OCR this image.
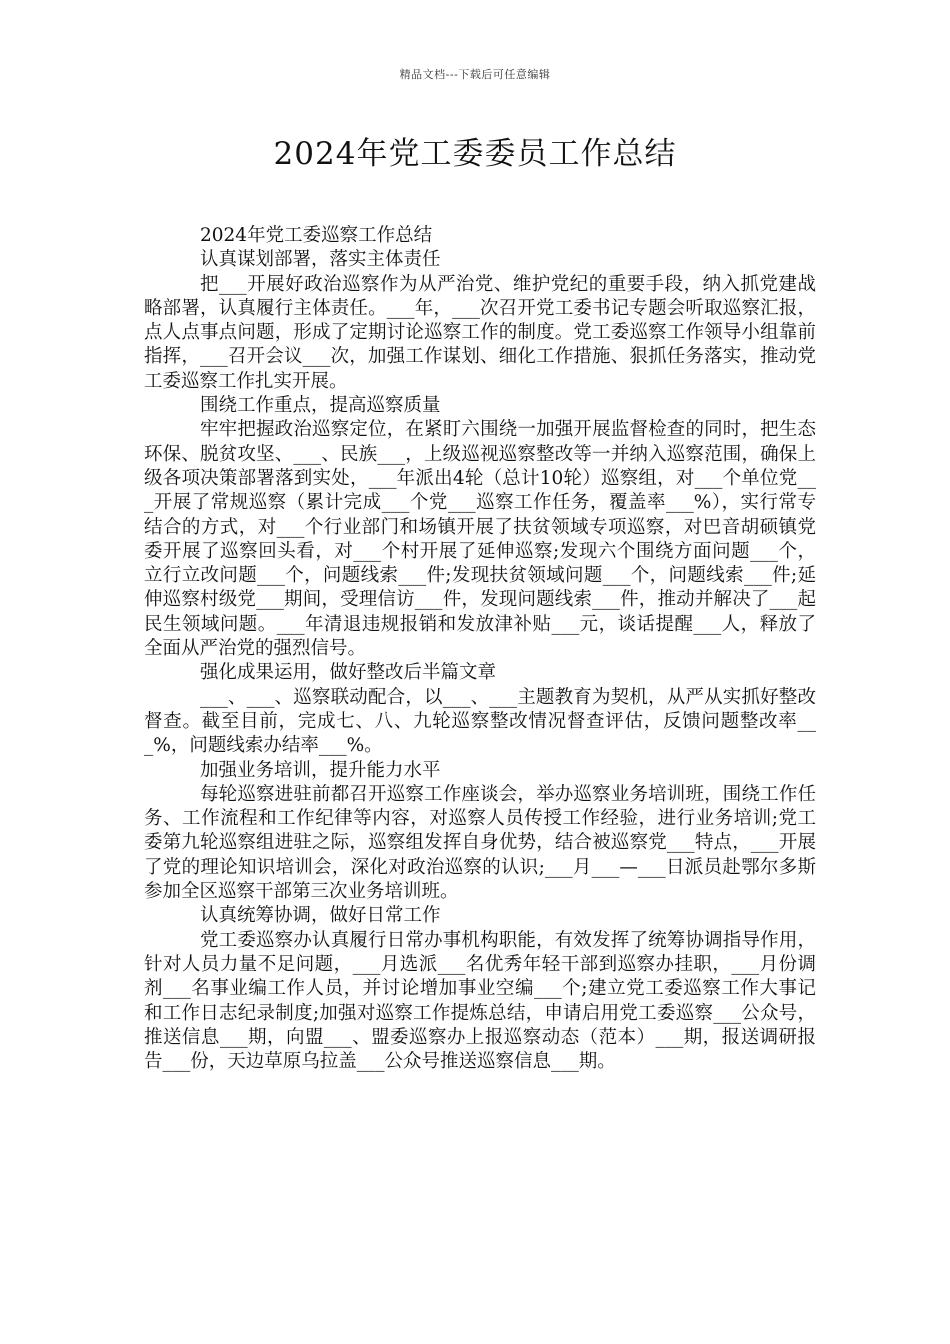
精品文档---下载后可任意编辑
2024年党工委委员工作总结

2024年党工委巡察工作总结

认真谋划部署，落实主体责任

把___开展好政治巡察作为从严治党、维护党纪的重要手段，纳入抓党建战略部署，认真履行主体责任。___年，___次召开党工委书记专题会听取巡察汇报，点人点事点问题，形成了定期讨论巡察工作的制度。党工委巡察工作领导小组靠前指挥，___召开会议___次，加强工作谋划、细化工作措施、狠抓任务落实，推动党工委巡察工作扎实开展。

围绕工作重点，提高巡察质量

牢牢把握政治巡察定位，在紧盯六围绕一加强开展监督检查的同时，把生态环保、脱贫攻坚、___、民族___，上级巡视巡察整改等一并纳入巡察范围，确保上级各项决策部署落到实处，___年派出4轮（总计10轮）巡察组，对___个单位党___开展了常规巡察（累计完成___个党___巡察工作任务，覆盖率___%），实行常专结合的方式，对___个行业部门和场镇开展了扶贫领域专项巡察，对巴音胡硕镇党委开展了巡察回头看，对___个村开展了延伸巡察;发现六个围绕方面问题___个，立行立改问题___个，问题线索___件;发现扶贫领域问题___个，问题线索___件;延伸巡察村级党___期间，受理信访___件，发现问题线索___件，推动并解决了___起民生领域问题。___年清退违规报销和发放津补贴___元，谈话提醒___人，释放了全面从严治党的强烈信号。

强化成果运用，做好整改后半篇文章

___、___、巡察联动配合，以___、___主题教育为契机，从严从实抓好整改督查。截至目前，完成七、八、九轮巡察整改情况督查评估，反馈问题整改率___%，问题线索办结率___%。

加强业务培训，提升能力水平

每轮巡察进驻前都召开巡察工作座谈会，举办巡察业务培训班，围绕工作任务、工作流程和工作纪律等内容，对巡察人员传授工作经验，进行业务培训;党工委第九轮巡察组进驻之际，巡察组发挥自身优势，结合被巡察党___特点，___开展了党的理论知识培训会，深化对政治巡察的认识;___月___—___日派员赴鄂尔多斯参加全区巡察干部第三次业务培训班。

认真统筹协调，做好日常工作

党工委巡察办认真履行日常办事机构职能，有效发挥了统筹协调指导作用，针对人员力量不足问题，___月选派___名优秀年轻干部到巡察办挂职，___月份调剂___名事业编工作人员，并讨论增加事业空编___个;建立党工委巡察工作大事记和工作日志纪录制度;加强对巡察工作提炼总结，申请启用党工委巡察___公众号，推送信息___期，向盟___、盟委巡察办上报巡察动态（范本）___期，报送调研报告___份，天边草原乌拉盖___公众号推送巡察信息___期。
